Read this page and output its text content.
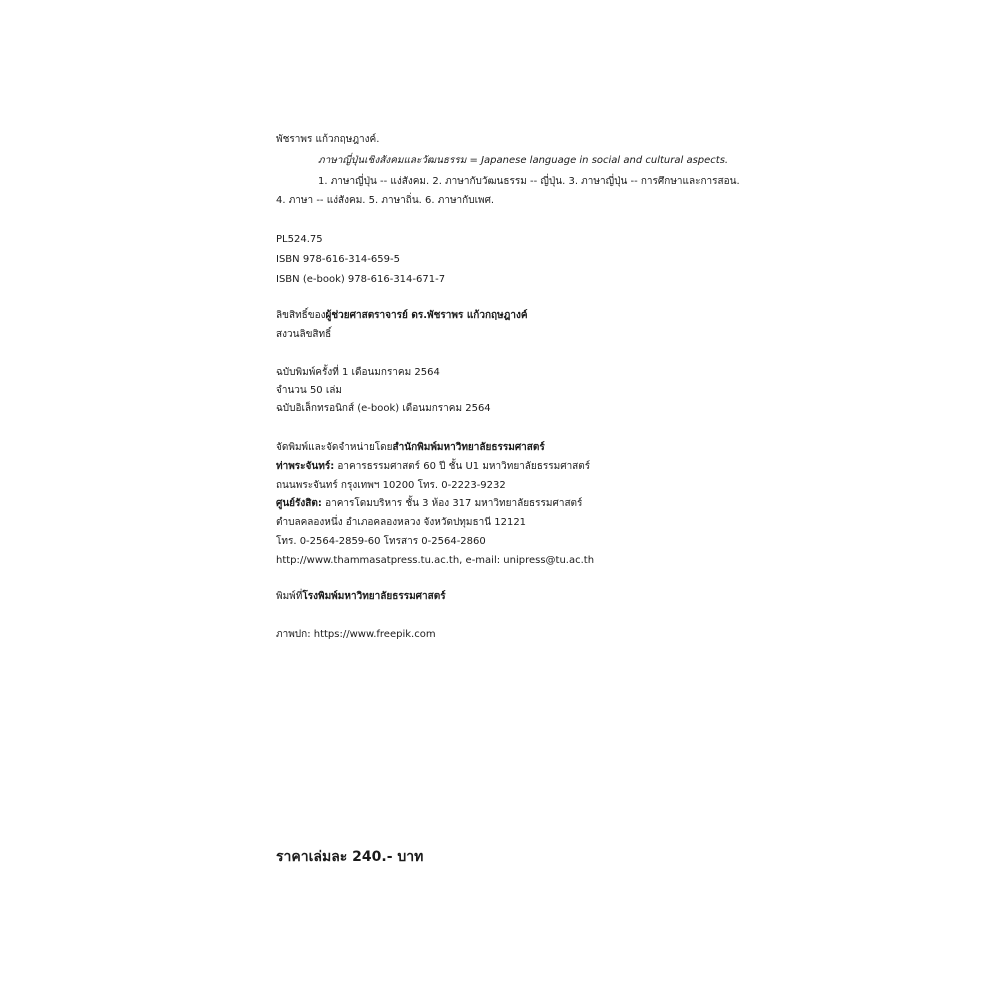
พัชราพร แก้วกฤษฎางค์.
ภาษาญี่ปุ่นเชิงสังคมและวัฒนธรรม = Japanese language in social and cultural aspects.
1. ภาษาญี่ปุ่น -- แง่สังคม. 2. ภาษากับวัฒนธรรม -- ญี่ปุ่น. 3. ภาษาญี่ปุ่น -- การศึกษาและการสอน.
4. ภาษา -- แง่สังคม. 5. ภาษาถิ่น. 6. ภาษากับเพศ.
PL524.75
ISBN 978-616-314-659-5
ISBN (e-book) 978-616-314-671-7
ลิขสิทธิ์ของผู้ช่วยศาสตราจารย์ ดร.พัชราพร แก้วกฤษฎางค์
สงวนลิขสิทธิ์
ฉบับพิมพ์ครั้งที่ 1 เดือนมกราคม 2564
จำนวน 50 เล่ม
ฉบับอิเล็กทรอนิกส์ (e-book) เดือนมกราคม 2564
จัดพิมพ์และจัดจำหน่ายโดยสำนักพิมพ์มหาวิทยาลัยธรรมศาสตร์
ท่าพระจันทร์: อาคารธรรมศาสตร์ 60 ปี ชั้น U1 มหาวิทยาลัยธรรมศาสตร์
ถนนพระจันทร์ กรุงเทพฯ 10200 โทร. 0-2223-9232
ศูนย์รังสิต: อาคารโดมบริหาร ชั้น 3 ห้อง 317 มหาวิทยาลัยธรรมศาสตร์
ตำบลคลองหนึ่ง อำเภอคลองหลวง จังหวัดปทุมธานี 12121
โทร. 0-2564-2859-60 โทรสาร 0-2564-2860
http://www.thammasatpress.tu.ac.th, e-mail: unipress@tu.ac.th
พิมพ์ที่โรงพิมพ์มหาวิทยาลัยธรรมศาสตร์
ภาพปก: https://www.freepik.com
ราคาเล่มละ 240.- บาท
